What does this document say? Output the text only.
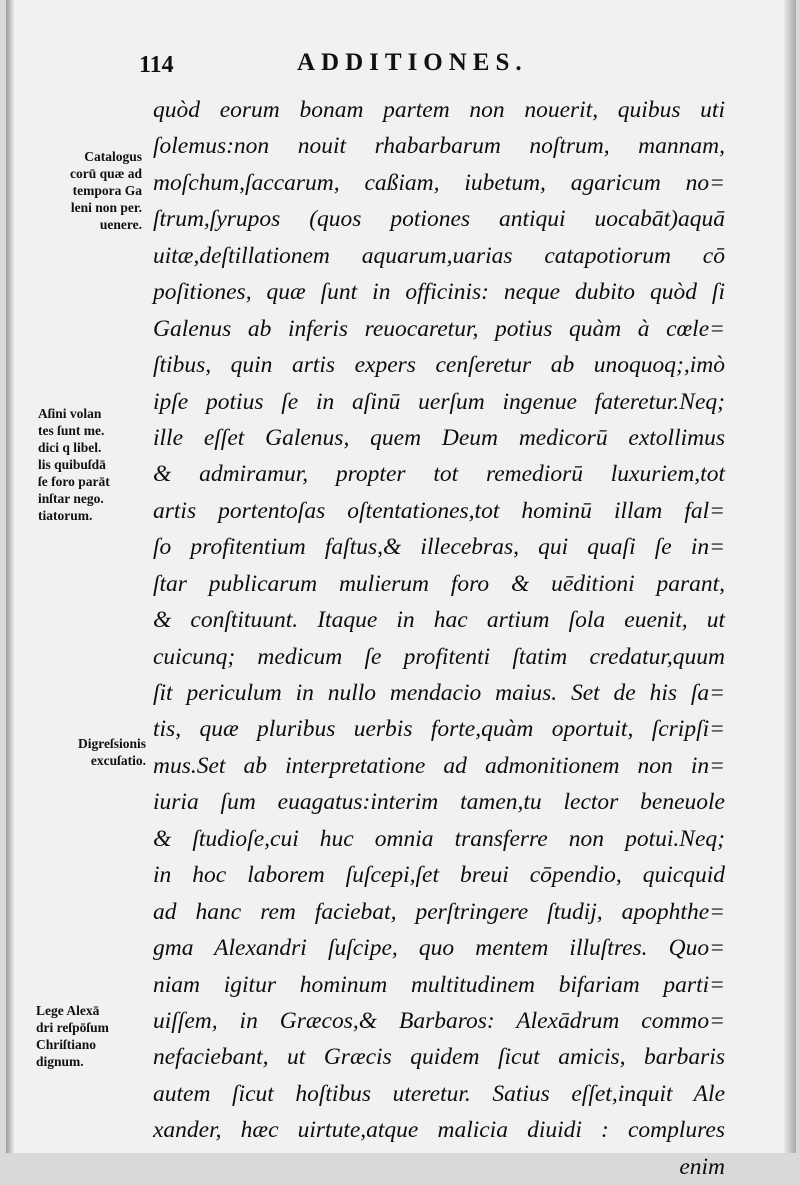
114	ADDITIONES.
quòd eorum bonam partem non nouerit, quibus uti
ſolemus:non nouit rhabarbarum noſtrum, mannam,
moſchum,ſaccarum, caßiam, iubetum, agaricum no=
ſtrum,ſyrupos (quos potiones antiqui uocabāt)aquā
uitæ,deſtillationem aquarum,uarias catapotiorum cō
poſitiones, quæ ſunt in officinis: neque dubito quòd ſi
Galenus ab inferis reuocaretur, potius quàm à cœle=
ſtibus, quin artis expers cenſeretur ab unoquoq;,imò
ipſe potius ſe in aſinū uerſum ingenue fateretur.Neq;
ille eſſet Galenus, quem Deum medicorū extollimus
& admiramur, propter tot remediorū luxuriem,tot
artis portentoſas oſtentationes,tot hominū illam fal=
ſo profitentium faſtus,& illecebras, qui quaſi ſe in=
ſtar publicarum mulierum foro & uēditioni parant,
& conſtituunt. Itaque in hac artium ſola euenit, ut
cuicunq; medicum ſe profitenti ſtatim credatur,quum
ſit periculum in nullo mendacio maius. Set de his ſa=
tis, quæ pluribus uerbis forte,quàm oportuit, ſcripſi=
mus.Set ab interpretatione ad admonitionem non in=
iuria ſum euagatus:interim tamen,tu lector beneuole
& ſtudioſe,cui huc omnia transferre non potui.Neq;
in hoc laborem ſuſcepi,ſet breui cōpendio, quicquid
ad hanc rem faciebat, perſtringere ſtudij, apophthe=
gma Alexandri ſuſcipe, quo mentem illuſtres. Quo=
niam igitur hominum multitudinem bifariam parti=
uiſſem, in Græcos,& Barbaros: Alexādrum commo=
nefaciebant, ut Græcis quidem ſicut amicis, barbaris
autem ſicut hoſtibus uteretur. Satius eſſet,inquit Ale
xander, hæc uirtute,atque malicia diuidi : complures
enim
Catalogus
corū quæ ad
tempora Ga
leni non per.
uenere.
Aſini volan
tes ſunt me.
dici q libel.
lis quibuſdā
ſe foro parāt
inſtar nego.
tiatorum.
Digreſsionis
excuſatio.
Lege Alexā
dri reſpōſum
Chriſtiano
dignum.
